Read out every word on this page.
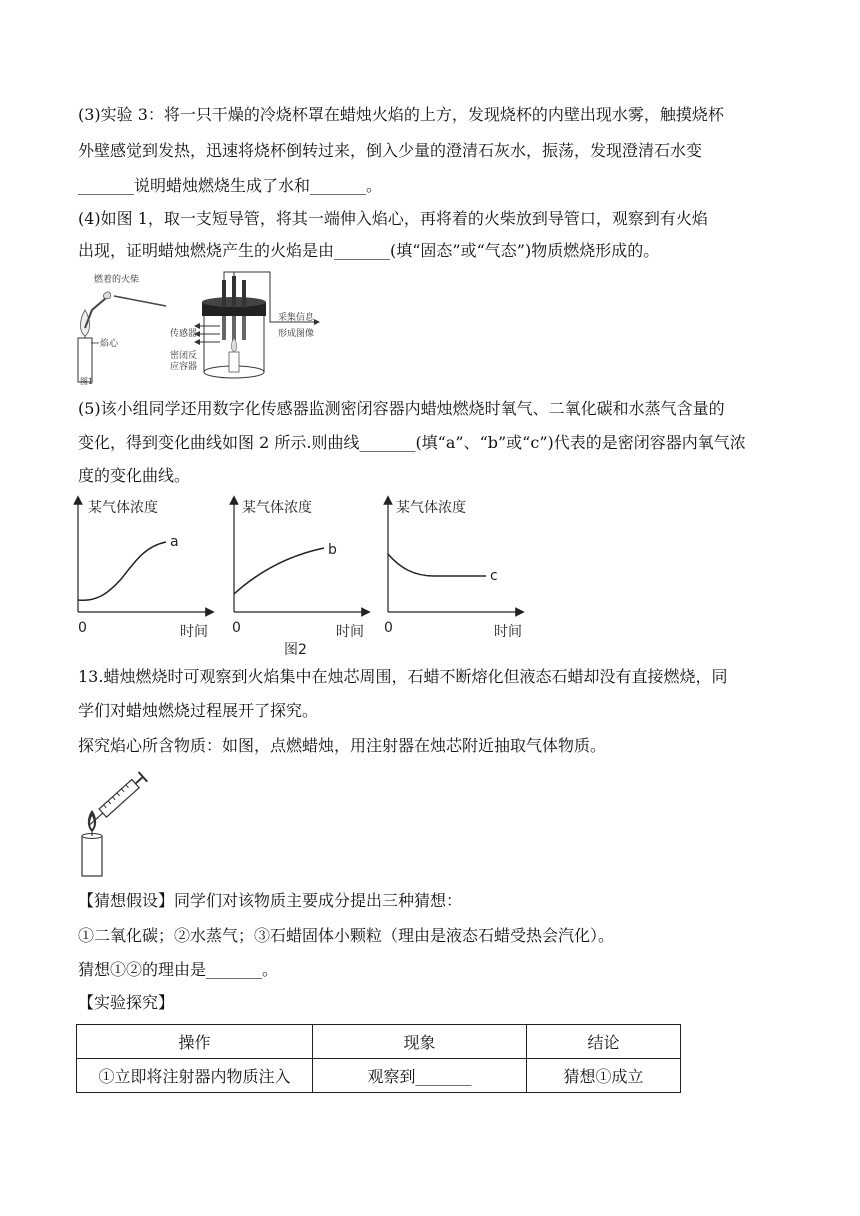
(3)实验 3：将一只干燥的冷烧杯罩在蜡烛火焰的上方，发现烧杯的内壁出现水雾，触摸烧杯
外壁感觉到发热，迅速将烧杯倒转过来，倒入少量的澄清石灰水，振荡，发现澄清石水变
_______说明蜡烛燃烧生成了水和_______。
(4)如图 1，取一支短导管，将其一端伸入焰心，再将着的火柴放到导管口，观察到有火焰
出现，证明蜡烛燃烧产生的火焰是由_______(填“固态”或“气态”)物质燃烧形成的。
燃着的火柴
焰心
图1
传感器
密闭反
应容器
采集信息
形成图像
(5)该小组同学还用数字化传感器监测密闭容器内蜡烛燃烧时氧气、二氧化碳和水蒸气含量的
变化，得到变化曲线如图 2 所示.则曲线_______(填“a”、“b”或“c”)代表的是密闭容器内氧气浓
度的变化曲线。
a
某气体浓度
0	时间
b
某气体浓度
0	时间
c
某气体浓度
0	时间
图2
13.蜡烛燃烧时可观察到火焰集中在烛芯周围，石蜡不断熔化但液态石蜡却没有直接燃烧，同
学们对蜡烛燃烧过程展开了探究。
探究焰心所含物质：如图，点燃蜡烛，用注射器在烛芯附近抽取气体物质。
【猜想假设】同学们对该物质主要成分提出三种猜想：
①二氧化碳；②水蒸气；③石蜡固体小颗粒（理由是液态石蜡受热会汽化）。
猜想①②的理由是_______。
【实验探究】
操作	现象	结论
①立即将注射器内物质注入	观察到_______	猜想①成立
